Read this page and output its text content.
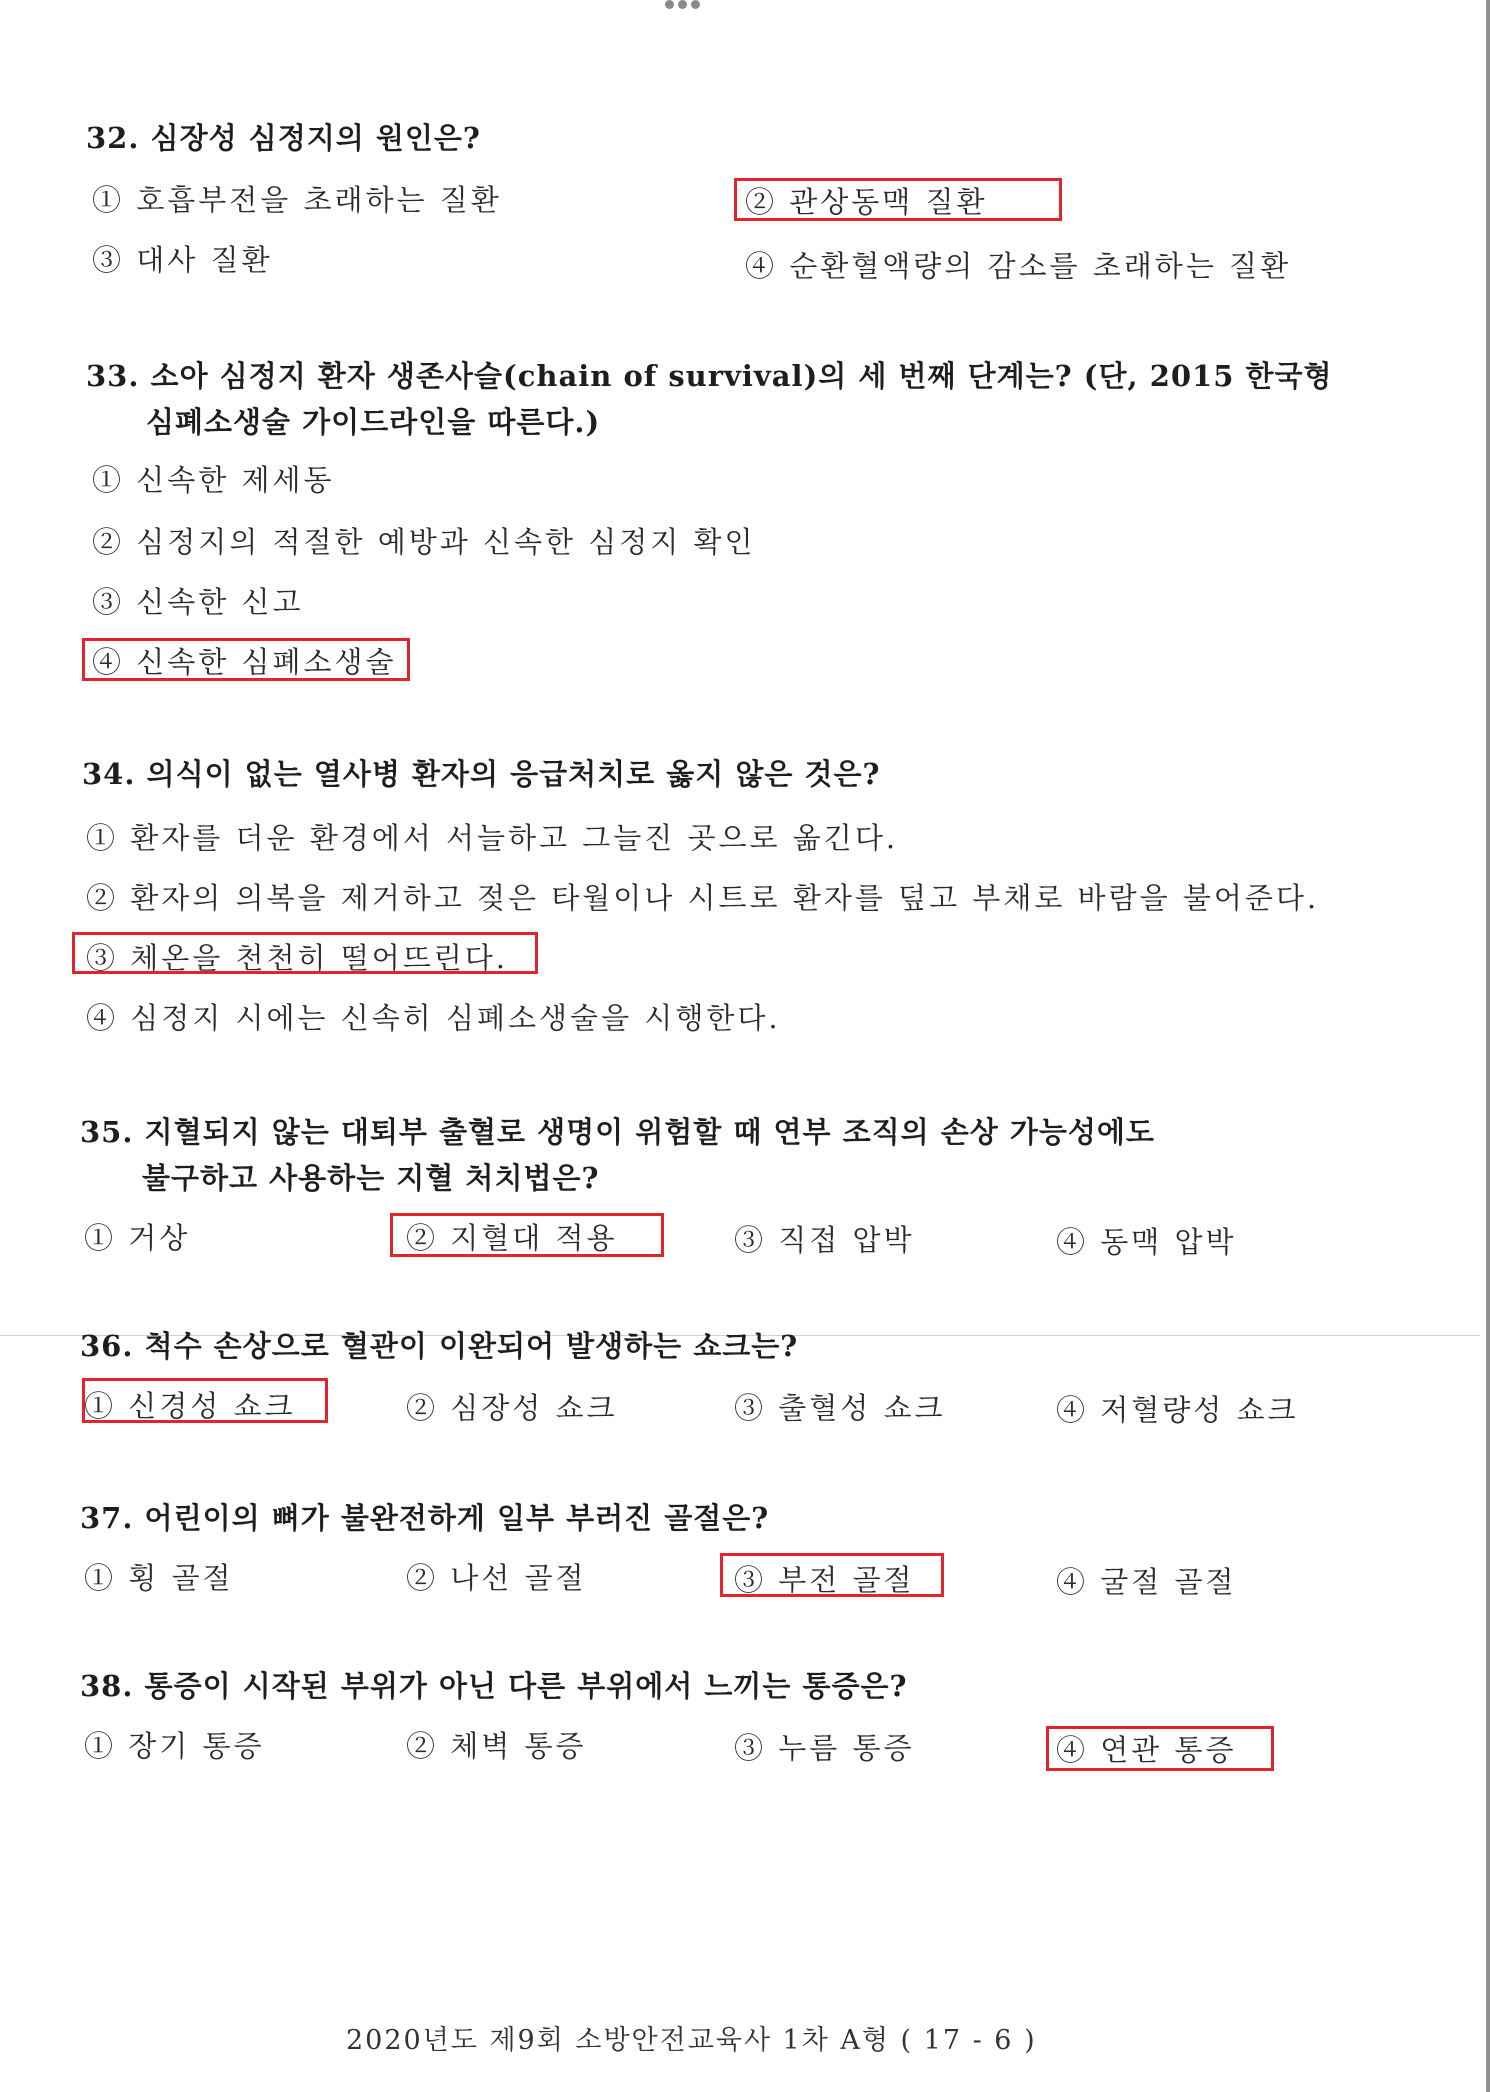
32. 심장성 심정지의 원인은?
① 호흡부전을 초래하는 질환	② 관상동맥 질환
③ 대사 질환	④ 순환혈액량의 감소를 초래하는 질환
33. 소아 심정지 환자 생존사슬(chain of survival)의 세 번째 단계는? (단, 2015 한국형
심폐소생술 가이드라인을 따른다.)
① 신속한 제세동
② 심정지의 적절한 예방과 신속한 심정지 확인
③ 신속한 신고
④ 신속한 심폐소생술
34. 의식이 없는 열사병 환자의 응급처치로 옳지 않은 것은?
① 환자를 더운 환경에서 서늘하고 그늘진 곳으로 옮긴다.
② 환자의 의복을 제거하고 젖은 타월이나 시트로 환자를 덮고 부채로 바람을 불어준다.
③ 체온을 천천히 떨어뜨린다.
④ 심정지 시에는 신속히 심폐소생술을 시행한다.
35. 지혈되지 않는 대퇴부 출혈로 생명이 위험할 때 연부 조직의 손상 가능성에도
불구하고 사용하는 지혈 처치법은?
① 거상	② 지혈대 적용	③ 직접 압박	④ 동맥 압박
36. 척수 손상으로 혈관이 이완되어 발생하는 쇼크는?
① 신경성 쇼크	② 심장성 쇼크	③ 출혈성 쇼크	④ 저혈량성 쇼크
37. 어린이의 뼈가 불완전하게 일부 부러진 골절은?
① 횡 골절	② 나선 골절	③ 부전 골절	④ 굴절 골절
38. 통증이 시작된 부위가 아닌 다른 부위에서 느끼는 통증은?
① 장기 통증	② 체벽 통증	③ 누름 통증	④ 연관 통증
2020년도 제9회 소방안전교육사 1차 A형 ( 17 - 6 )
